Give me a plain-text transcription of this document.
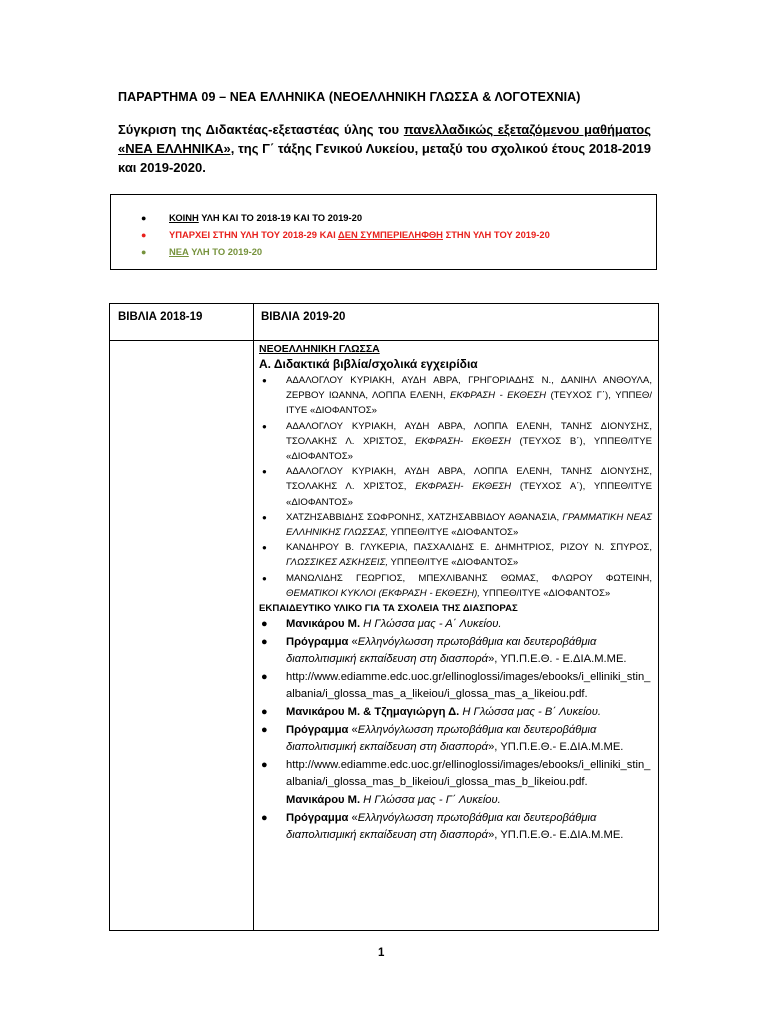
ΠΑΡΑΡΤΗΜΑ 09 – ΝΕΑ ΕΛΛΗΝΙΚΑ (ΝΕΟΕΛΛΗΝΙΚΗ ΓΛΩΣΣΑ & ΛΟΓΟΤΕΧΝΙΑ)
Σύγκριση της Διδακτέας-εξεταστέας ύλης του πανελλαδικώς εξεταζόμενου μαθήματος «ΝΕΑ ΕΛΛΗΝΙΚΑ», της Γ΄ τάξης Γενικού Λυκείου, μεταξύ του σχολικού έτους 2018-2019 και 2019-2020.
● ΚΟΙΝΗ ΥΛΗ ΚΑΙ ΤΟ 2018-19 ΚΑΙ ΤΟ 2019-20
● ΥΠΑΡΧΕΙ ΣΤΗΝ ΥΛΗ ΤΟΥ 2018-29 ΚΑΙ ΔΕΝ ΣΥΜΠΕΡΙΕΛΗΦΘΗ ΣΤΗΝ ΥΛΗ ΤΟΥ 2019-20
● ΝΕΑ ΥΛΗ ΤΟ 2019-20
ΒΙΒΛΙΑ 2018-19	ΒΙΒΛΙΑ 2019-20
ΝΕΟΕΛΛΗΝΙΚΗ ΓΛΩΣΣΑ
Α. Διδακτικά βιβλία/σχολικά εγχειρίδια
● ΑΔΑΛΟΓΛΟΥ ΚΥΡΙΑΚΗ, ΑΥΔΗ ΑΒΡΑ, ΓΡΗΓΟΡΙΑΔΗΣ Ν., ΔΑΝΙΗΛ ΑΝΘΟΥΛΑ, ΖΕΡΒΟΥ ΙΩΑΝΝΑ, ΛΟΠΠΑ ΕΛΕΝΗ, ΕΚΦΡΑΣΗ - ΕΚΘΕΣΗ (ΤΕΥΧΟΣ Γ΄), ΥΠΠΕΘ/ΙΤΥΕ «ΔΙΟΦΑΝΤΟΣ»
● ΑΔΑΛΟΓΛΟΥ ΚΥΡΙΑΚΗ, ΑΥΔΗ ΑΒΡΑ, ΛΟΠΠΑ ΕΛΕΝΗ, ΤΑΝΗΣ ΔΙΟΝΥΣΗΣ, ΤΣΟΛΑΚΗΣ Λ. ΧΡΙΣΤΟΣ, ΕΚΦΡΑΣΗ- ΕΚΘΕΣΗ (ΤΕΥΧΟΣ Β΄), ΥΠΠΕΘ/ΙΤΥΕ «ΔΙΟΦΑΝΤΟΣ»
● ΑΔΑΛΟΓΛΟΥ ΚΥΡΙΑΚΗ, ΑΥΔΗ ΑΒΡΑ, ΛΟΠΠΑ ΕΛΕΝΗ, ΤΑΝΗΣ ΔΙΟΝΥΣΗΣ, ΤΣΟΛΑΚΗΣ Λ. ΧΡΙΣΤΟΣ, ΕΚΦΡΑΣΗ- ΕΚΘΕΣΗ (ΤΕΥΧΟΣ Α΄), ΥΠΠΕΘ/ΙΤΥΕ «ΔΙΟΦΑΝΤΟΣ»
● ΧΑΤΖΗΣΑΒΒΙΔΗΣ ΣΩΦΡΟΝΗΣ, ΧΑΤΖΗΣΑΒΒΙΔΟΥ ΑΘΑΝΑΣΙΑ, ΓΡΑΜΜΑΤΙΚΗ ΝΕΑΣ ΕΛΛΗΝΙΚΗΣ ΓΛΩΣΣΑΣ, ΥΠΠΕΘ/ΙΤΥΕ «ΔΙΟΦΑΝΤΟΣ»
● ΚΑΝΔΗΡΟΥ Β. ΓΛΥΚΕΡΙΑ, ΠΑΣΧΑΛΙΔΗΣ Ε. ΔΗΜΗΤΡΙΟΣ, ΡΙΖΟΥ Ν. ΣΠΥΡΟΣ, ΓΛΩΣΣΙΚΕΣ ΑΣΚΗΣΕΙΣ, ΥΠΠΕΘ/ΙΤΥΕ «ΔΙΟΦΑΝΤΟΣ»
● ΜΑΝΩΛΙΔΗΣ ΓΕΩΡΓΙΟΣ, ΜΠΕΧΛΙΒΑΝΗΣ ΘΩΜΑΣ, ΦΛΩΡΟΥ ΦΩΤΕΙΝΗ, ΘΕΜΑΤΙΚΟΙ ΚΥΚΛΟΙ (ΕΚΦΡΑΣΗ - ΕΚΘΕΣΗ), ΥΠΠΕΘ/ΙΤΥΕ «ΔΙΟΦΑΝΤΟΣ»
ΕΚΠΑΙΔΕΥΤΙΚΟ ΥΛΙΚΟ ΓΙΑ ΤΑ ΣΧΟΛΕΙΑ ΤΗΣ ΔΙΑΣΠΟΡΑΣ
● Μανικάρου Μ. Η Γλώσσα μας - Α΄ Λυκείου.
● Πρόγραμμα «Ελληνόγλωσση πρωτοβάθμια και δευτεροβάθμια διαπολιτισμική εκπαίδευση στη διασπορά», ΥΠ.Π.Ε.Θ. - Ε.ΔΙΑ.Μ.ΜΕ.
● http://www.ediamme.edc.uoc.gr/ellinoglossi/images/ebooks/i_elliniki_stin_albania/i_glossa_mas_a_likeiou/i_glossa_mas_a_likeiou.pdf.
● Μανικάρου Μ. & Τζημαγιώργη Δ. Η Γλώσσα μας - Β΄ Λυκείου.
● Πρόγραμμα «Ελληνόγλωσση πρωτοβάθμια και δευτεροβάθμια διαπολιτισμική εκπαίδευση στη διασπορά», ΥΠ.Π.Ε.Θ.- Ε.ΔΙΑ.Μ.ΜΕ.
● http://www.ediamme.edc.uoc.gr/ellinoglossi/images/ebooks/i_elliniki_stin_albania/i_glossa_mas_b_likeiou/i_glossa_mas_b_likeiou.pdf.
Μανικάρου Μ. Η Γλώσσα μας - Γ΄ Λυκείου.
● Πρόγραμμα «Ελληνόγλωσση πρωτοβάθμια και δευτεροβάθμια διαπολιτισμική εκπαίδευση στη διασπορά», ΥΠ.Π.Ε.Θ.- Ε.ΔΙΑ.Μ.ΜΕ.
1
